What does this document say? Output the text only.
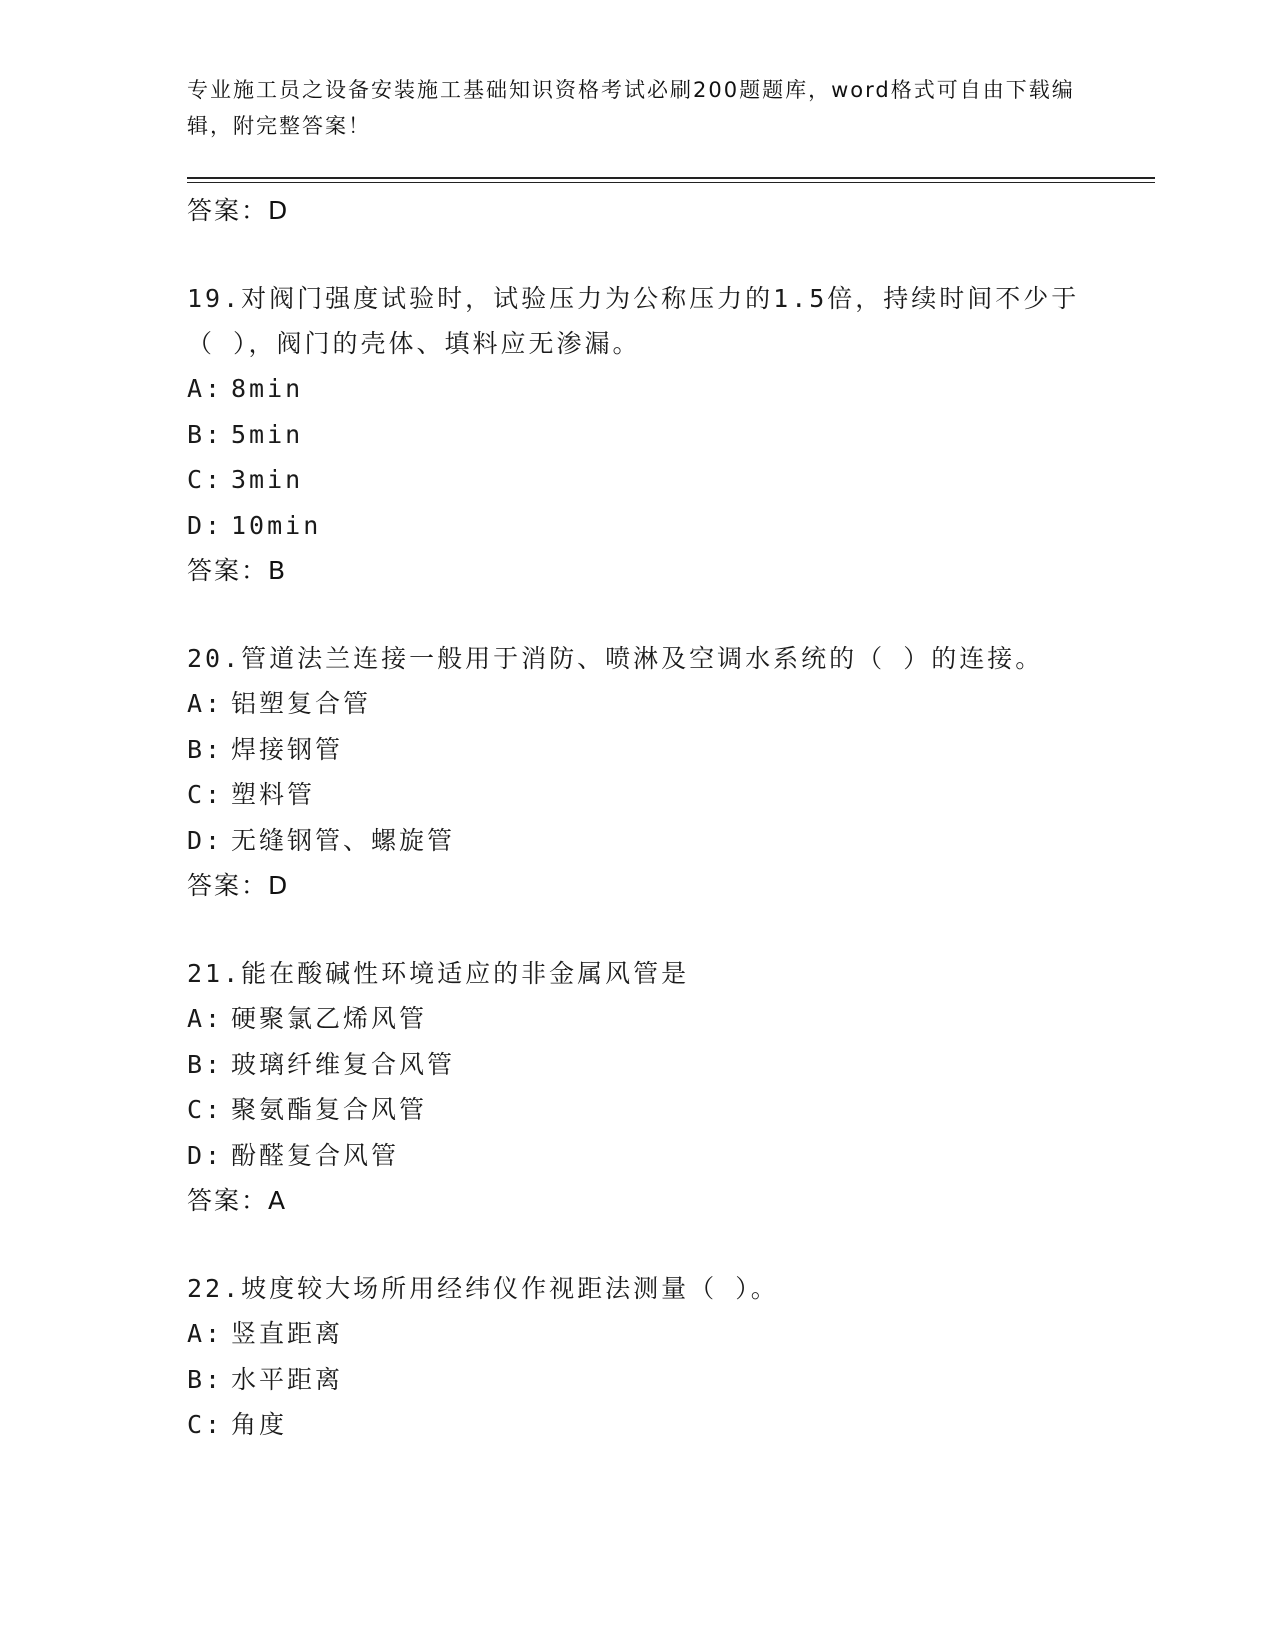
专业施工员之设备安装施工基础知识资格考试必刷200题题库，word格式可自由下载编辑，附完整答案！
答案：D

19.对阀门强度试验时，试验压力为公称压力的1.5倍，持续时间不少于（ ），阀门的壳体、填料应无渗漏。

A: 8min
B: 5min
C: 3min
D: 10min
答案：B

20.管道法兰连接一般用于消防、喷淋及空调水系统的（ ）的连接。

A: 铝塑复合管
B: 焊接钢管
C: 塑料管
D: 无缝钢管、螺旋管
答案：D

21.能在酸碱性环境适应的非金属风管是

A: 硬聚氯乙烯风管
B: 玻璃纤维复合风管
C: 聚氨酯复合风管
D: 酚醛复合风管
答案：A

22.坡度较大场所用经纬仪作视距法测量（ ）。

A: 竖直距离
B: 水平距离
C: 角度
